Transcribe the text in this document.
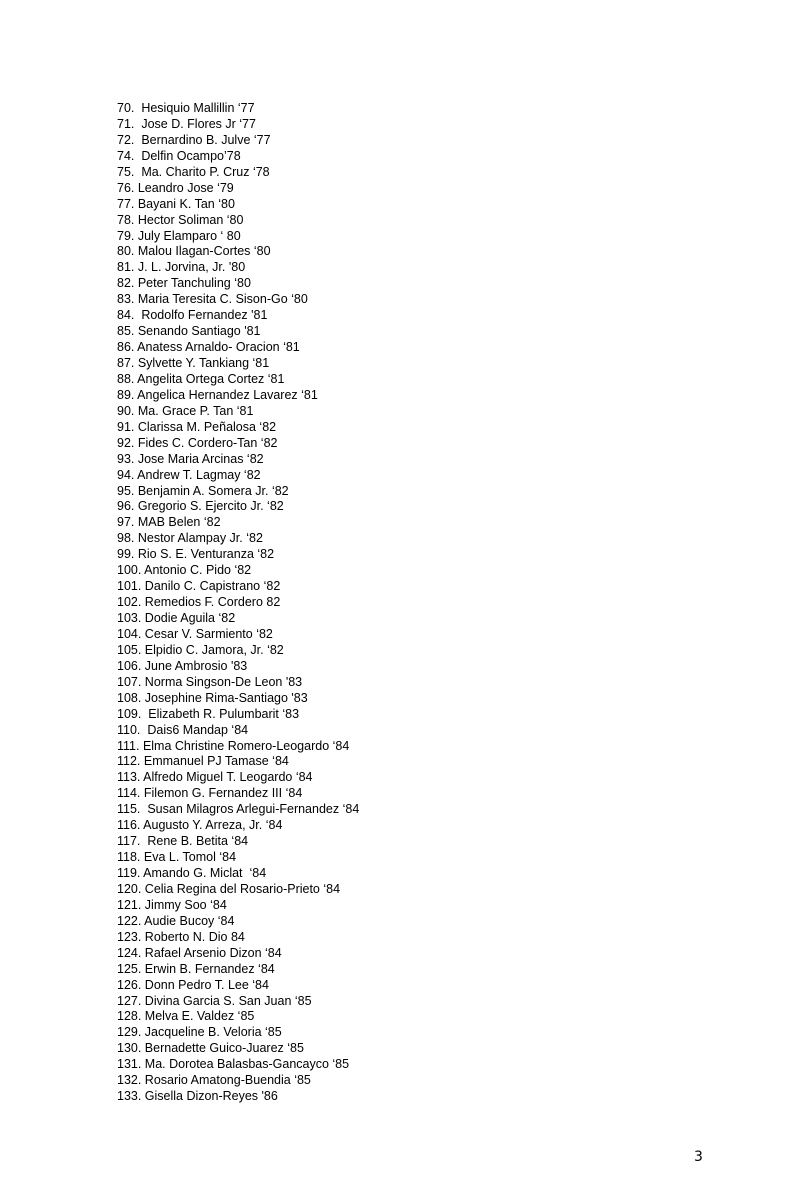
70.  Hesiquio Mallillin ‘77
71.  Jose D. Flores Jr ‘77
72.  Bernardino B. Julve ‘77
74.  Delfin Ocampo’78
75.  Ma. Charito P. Cruz ‘78
76. Leandro Jose ‘79
77. Bayani K. Tan ‘80
78. Hector Soliman ‘80
79. July Elamparo ‘ 80
80. Malou Ilagan-Cortes ‘80
81. J. L. Jorvina, Jr. '80
82. Peter Tanchuling ‘80
83. Maria Teresita C. Sison-Go ‘80
84.  Rodolfo Fernandez '81
85. Senando Santiago '81
86. Anatess Arnaldo- Oracion ‘81
87. Sylvette Y. Tankiang ‘81
88. Angelita Ortega Cortez ‘81
89. Angelica Hernandez Lavarez ‘81
90. Ma. Grace P. Tan ‘81
91. Clarissa M. Peñalosa ‘82
92. Fides C. Cordero-Tan ‘82
93. Jose Maria Arcinas ‘82
94. Andrew T. Lagmay ‘82
95. Benjamin A. Somera Jr. ‘82
96. Gregorio S. Ejercito Jr. ‘82
97. MAB Belen ‘82
98. Nestor Alampay Jr. ‘82
99. Rio S. E. Venturanza ‘82
100. Antonio C. Pido ‘82
101. Danilo C. Capistrano ‘82
102. Remedios F. Cordero 82
103. Dodie Aguila ‘82
104. Cesar V. Sarmiento ‘82
105. Elpidio C. Jamora, Jr. ‘82
106. June Ambrosio '83
107. Norma Singson-De Leon '83
108. Josephine Rima-Santiago '83
109.  Elizabeth R. Pulumbarit ‘83
110.  Dais6 Mandap ‘84
111. Elma Christine Romero-Leogardo ‘84
112. Emmanuel PJ Tamase ‘84
113. Alfredo Miguel T. Leogardo ‘84
114. Filemon G. Fernandez III ‘84
115.  Susan Milagros Arlegui-Fernandez ‘84
116. Augusto Y. Arreza, Jr. ‘84
117.  Rene B. Betita ‘84
118. Eva L. Tomol ‘84
119. Amando G. Miclat  ‘84
120. Celia Regina del Rosario-Prieto ‘84
121. Jimmy Soo ‘84
122. Audie Bucoy ‘84
123. Roberto N. Dio 84
124. Rafael Arsenio Dizon ‘84
125. Erwin B. Fernandez ‘84
126. Donn Pedro T. Lee ‘84
127. Divina Garcia S. San Juan ‘85
128. Melva E. Valdez ‘85
129. Jacqueline B. Veloria ‘85
130. Bernadette Guico-Juarez ‘85
131. Ma. Dorotea Balasbas-Gancayco ‘85
132. Rosario Amatong-Buendia ‘85
133. Gisella Dizon-Reyes '86
3
